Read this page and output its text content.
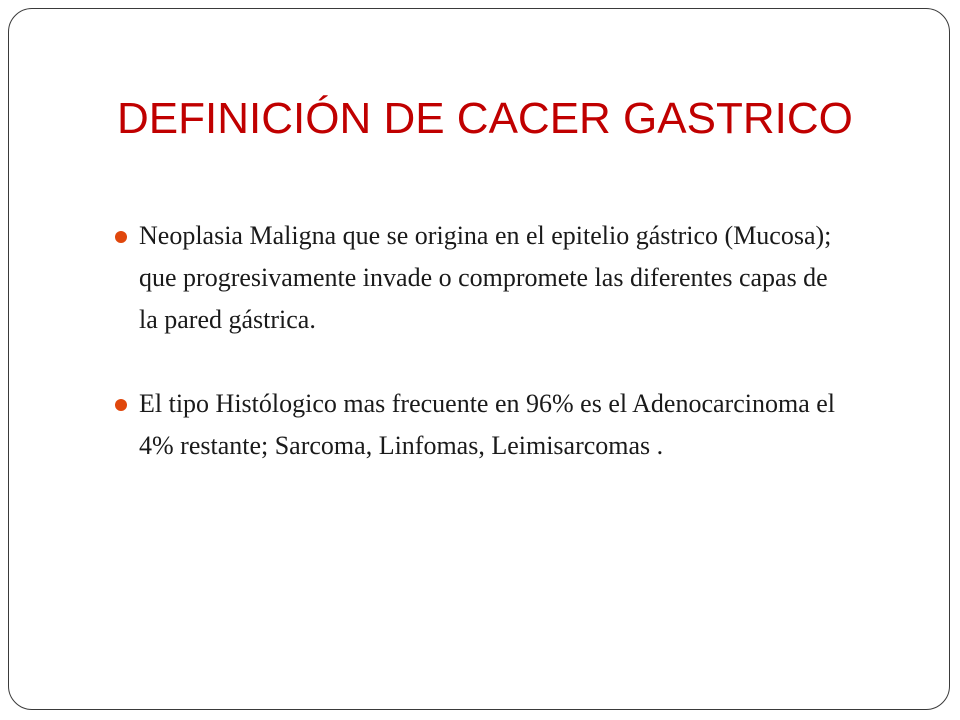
DEFINICIÓN DE CACER GASTRICO
Neoplasia Maligna que se origina en el epitelio gástrico (Mucosa); que progresivamente invade o compromete las diferentes capas de la pared gástrica.
El tipo Histólogico mas frecuente en 96% es el Adenocarcinoma el 4% restante; Sarcoma, Linfomas, Leimisarcomas .
